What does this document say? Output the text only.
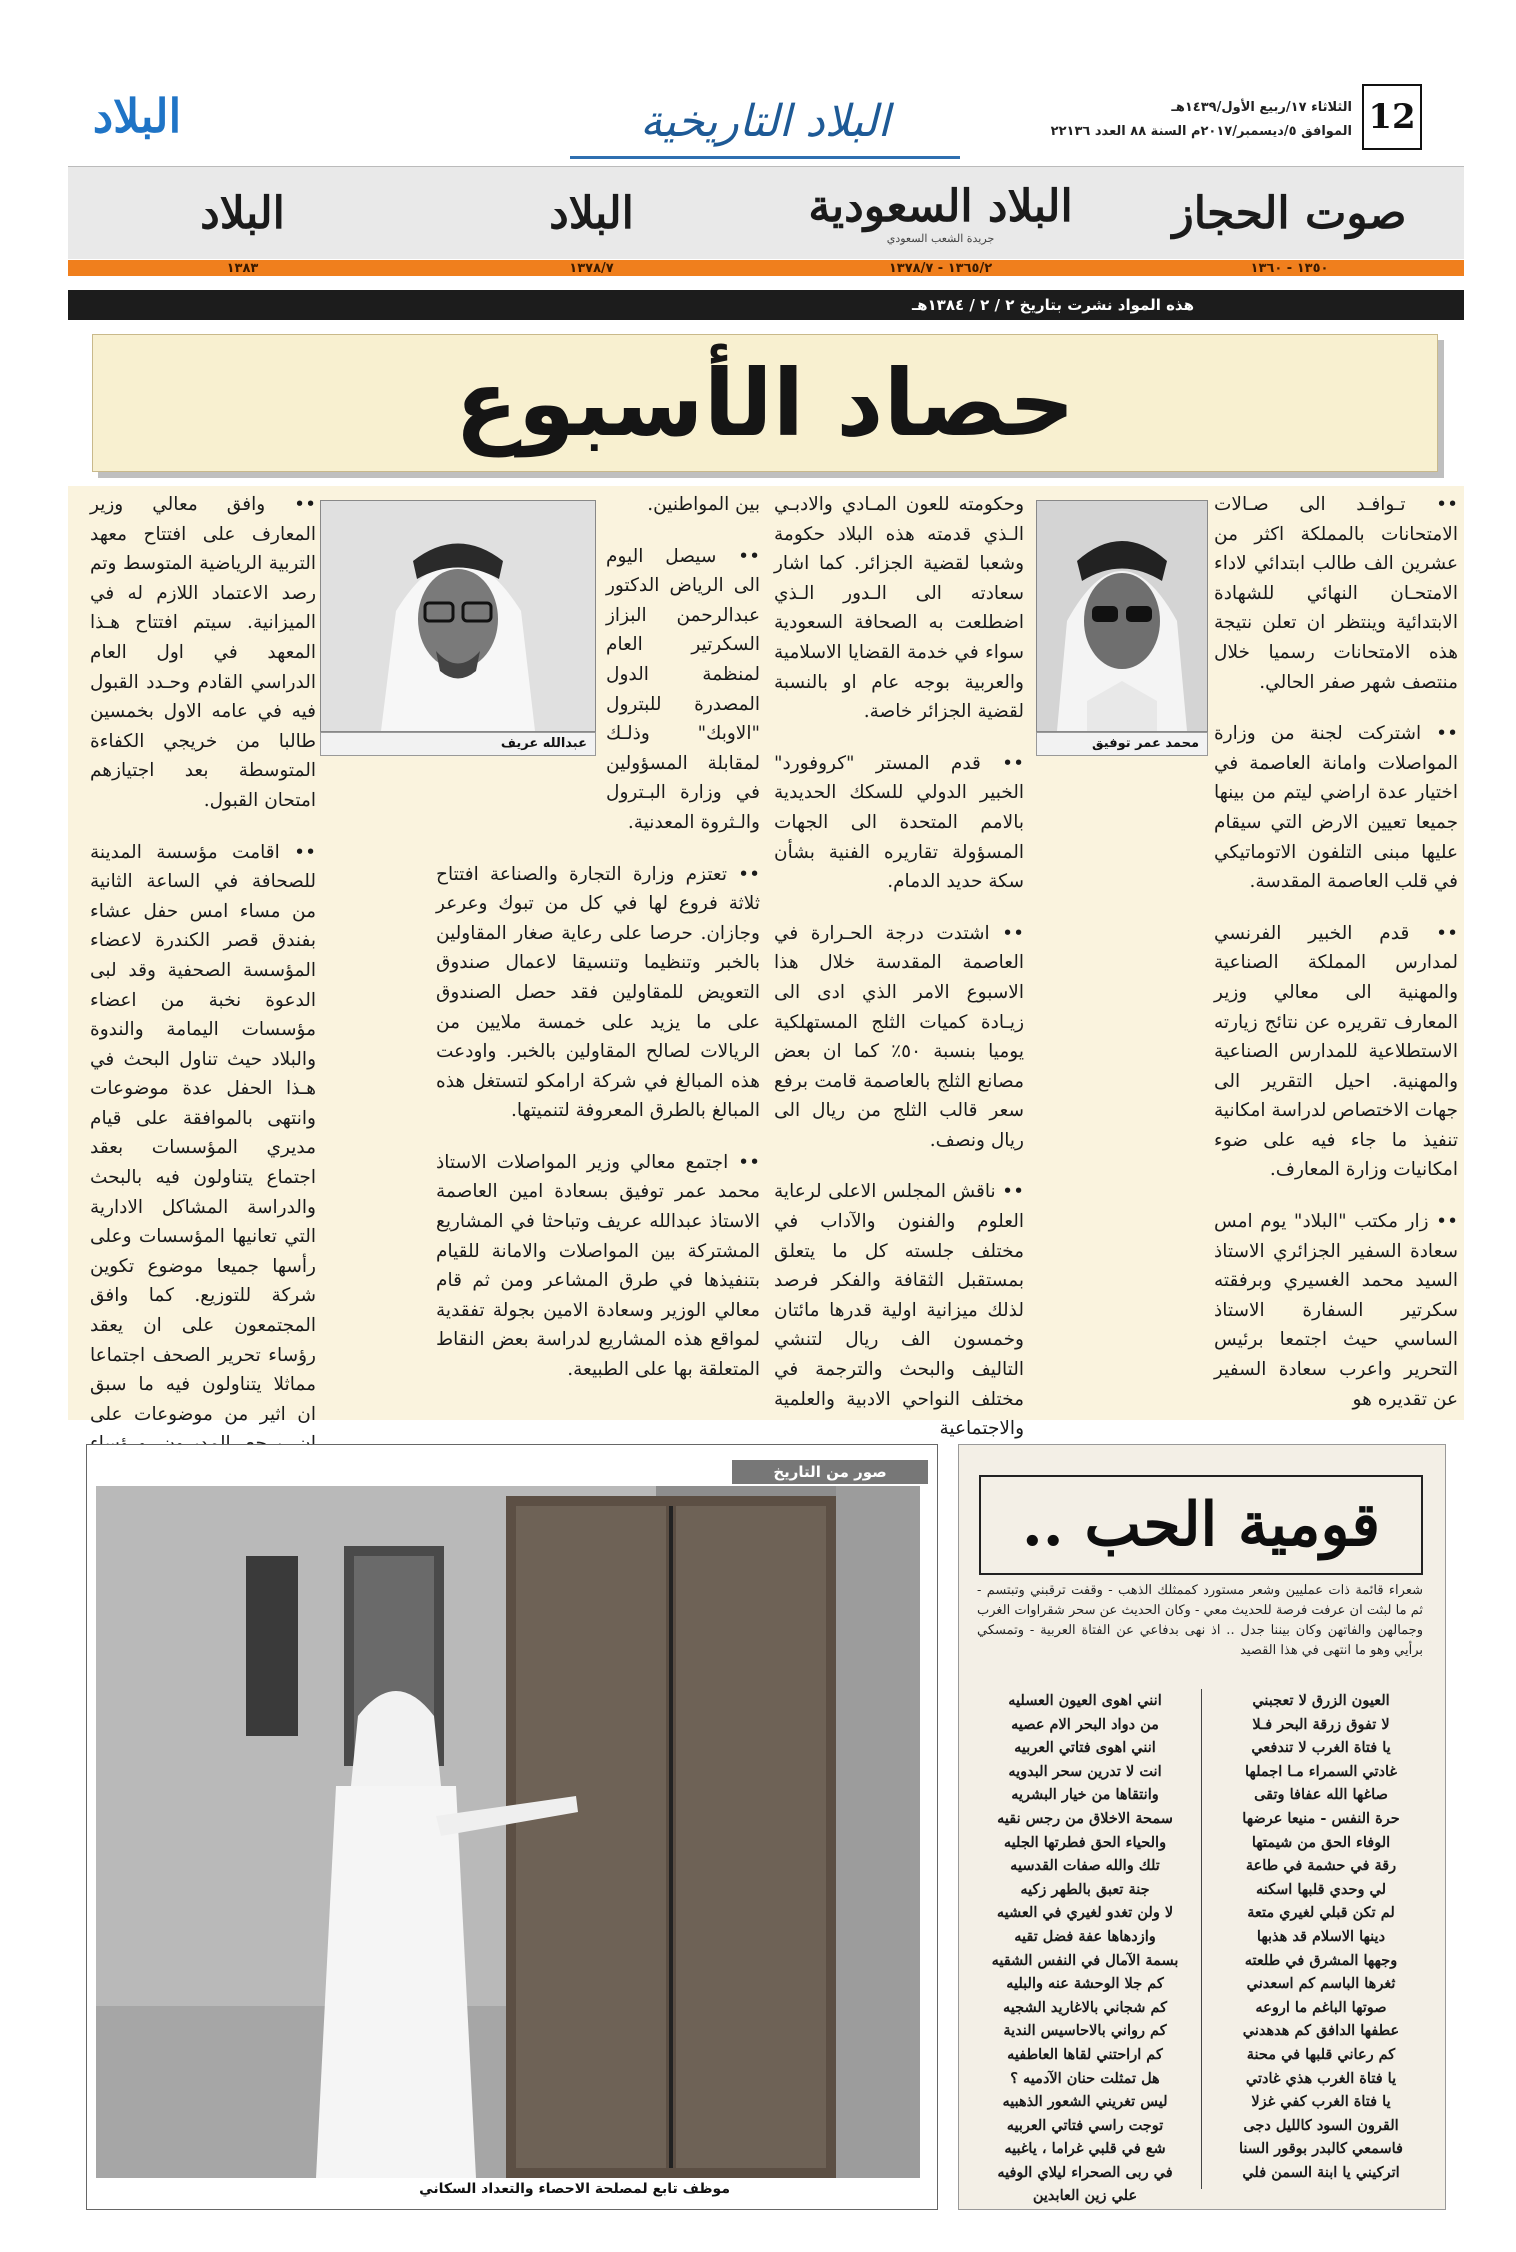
12
الثلاثاء ١٧/ربيع الأول/١٤٣٩هـ
الموافق ٥/ديسمبر/٢٠١٧م السنة ٨٨ العدد ٢٢١٣٦
البلاد التاريخية
البلاد
صوت الحجاز
البلاد السعودية
جريدة الشعب السعودي
البلاد
البلاد
١٣٥٠ - ١٣٦٠
١٣٦٥/٢ - ١٣٧٨/٧
١٣٧٨/٧
١٣٨٣
هذه المواد نشرت بتاريخ ٢ / ٢ / ١٣٨٤هـ
حصاد الأسبوع

•• تـوافـد الى صـالات الامتحانات بالمملكة اكثر من عشرين الف طالب ابتدائي لاداء الامتحـان النهائي للشهادة الابتدائية وينتظر ان تعلن نتيجة هذه الامتحانات رسميا خلال منتصف شهر صفر الحالي.

•• اشتركت لجنة من وزارة المواصلات وامانة العاصمة في اختيار عدة اراضي ليتم من بينها جميعا تعيين الارض التي سيقام عليها مبنى التلفون الاتوماتيكي في قلب العاصمة المقدسة.

•• قدم الخبير الفرنسي لمدارس المملكة الصناعية والمهنية الى معالي وزير المعارف تقريره عن نتائج زيارته الاستطلاعية للمدارس الصناعية والمهنية. احيل التقرير الى جهات الاختصاص لدراسة امكانية تنفيذ ما جاء فيه على ضوء امكانيات وزارة المعارف.

•• زار مكتب "البلاد" يوم امس سعادة السفير الجزائري الاستاذ السيد محمد الغسيري وبرفقته سكرتير السفارة الاستاذ الساسي حيث اجتمعا برئيس التحرير واعرب سعادة السفير عن تقديره هو

محمد عمر توفيق

وحكومته للعون المـادي والادبـي الـذي قدمته هذه البلاد حكومة وشعبا لقضية الجزائر. كما اشار سعادته الى الـدور الـذي اضطلعت به الصحافة السعودية سواء في خدمة القضايا الاسلامية والعربية بوجه عام او بالنسبة لقضية الجزائر خاصة.

•• قدم المستر "كروفورد" الخبير الدولي للسكك الحديدية بالامم المتحدة الى الجهات المسؤولة تقاريره الفنية بشأن سكة حديد الدمام.

•• اشتدت درجة الحـرارة في العاصمة المقدسة خلال هذا الاسبوع الامر الذي ادى الى زيـادة كميات الثلج المستهلكية يوميا بنسبة ٥٠٪ كما ان بعض مصانع الثلج بالعاصمة قامت برفع سعر قالب الثلج من ريال الى ريال ونصف.

•• ناقش المجلس الاعلى لرعاية العلوم والفنون والآداب في مختلف جلسته كل ما يتعلق بمستقبل الثقافة والفكر فرصد لذلك ميزانية اولية قدرها مائتان وخمسون الف ريال لتنشي التاليف والبحث والترجمة في مختلف النواحي الادبية والعلمية والاجتماعية

بين المواطنين.

•• سيصل اليوم الى الرياض الدكتور عبدالرحمن البزاز السكرتير العام لمنظمة الدول المصدرة للبترول "الاوبك" وذلـك لمقابلة المسؤولين في وزارة البـترول والـثروة المعدنية.

•• تعتزم وزارة التجارة والصناعة افتتاح ثلاثة فروع لها في كل من تبوك وعرعر وجازان. حرصا على رعاية صغار المقاولين بالخبر وتنظيما وتنسيقا لاعمال صندوق التعويض للمقاولين فقد حصل الصندوق على ما يزيد على خمسة ملايين من الريالات لصالح المقاولين بالخبر. واودعت هذه المبالغ في شركة ارامكو لتستغل هذه المبالغ بالطرق المعروفة لتنميتها.

•• اجتمع معالي وزير المواصلات الاستاذ محمد عمر توفيق بسعادة امين العاصمة الاستاذ عبدالله عريف وتباحثا في المشاريع المشتركة بين المواصلات والامانة للقيام بتنفيذها في طرق المشاعر ومن ثم قام معالي الوزير وسعادة الامين بجولة تفقدية لمواقع هذه المشاريع لدراسة بعض النقاط المتعلقة بها على الطبيعة.

عبدالله عريف

•• وافق معالي وزير المعارف على افتتاح معهد التربية الرياضية المتوسط وتم رصد الاعتماد اللازم له في الميزانية. سيتم افتتاح هـذا المعهد في اول العام الدراسي القادم وحـدد القبول فيه في عامه الاول بخمسين طالبا من خريجي الكفاءة المتوسطة بعد اجتيازهم امتحان القبول.

•• اقامت مؤسسة المدينة للصحافة في الساعة الثانية من مساء امس حفل عشاء بفندق قصر الكندرة لاعضاء المؤسسة الصحفية وقد لبى الدعوة نخبة من اعضاء مؤسسات اليمامة والندوة والبلاد حيث تناول البحث في هـذا الحفل عدة موضوعات وانتهى بالموافقة على قيام مديري المؤسسات بعقد اجتماع يتناولون فيه بالبحث والدراسة المشاكل الادارية التي تعانيها المؤسسات وعلى رأسها جميعا موضوع تكوين شركة للتوزيع. كما وافق المجتمعون على ان يعقد رؤساء تحرير الصحف اجتماعا مماثلا يتناولون فيه ما سبق ان اثير من موضوعات على

صور من التاريخ
موظف تابع لمصلحة الاحصاء والتعداد السكاني
قومية الحب ..
شعراء قائمة ذات عمليين وشعر مستورد كممثلك الذهب - وقفت ترقبني وتبتسم - ثم ما لبثت ان عرفت فرصة للحديث معي - وكان الحديث عن سحر شقراوات الغرب وجمالهن والفاتهن وكان بيننا جدل .. اذ نهى بدفاعي عن الفتاة العربية - وتمسكي برأيي وهو ما انتهى في هذا القصيد
العيون الزرق لا تعجبني
لا تفوق زرقة البحر فـلا
يا فتاة الغرب لا تندفعي
غادتي السمراء مـا اجملها
صاغها الله عفافا وتقى
حرة النفس - منيعا عرضها
الوفاء الحق من شيمتها
رقة في حشمة في طاعة
لي وحدي قلبها اسكنه
لم تكن قبلي لغيري متعة
دينها الاسلام قد هذبها
وجهها المشرق في طلعته
ثغرها الباسم كم اسعدني
صوتها الباغم ما اروعه
عطفها الدافق كم هدهدني
كم رعاني قلبها في محنة
يا فتاة الغرب هذي غادتي
يا فتاة الغرب كفي غزلا
القرون السود كالليل دجى
فاسمعي كالبدر بوقور السنا
اتركيني يا ابنة السمن فلي
انني اهوى العيون العسليه
من دواد البحر الام عصيه
انني اهوى فتاتي العربيه
انت لا تدرين سحر البدويه
وانتقاها من خيار البشريه
سمحة الاخلاق من رجس نقيه
والحياء الحق فطرتها الجليه
تلك والله صفات القدسيه
جنة تعبق بالطهر زكيه
لا ولن تغدو لغيري في العشيه
وازدهاها عفة فضل تقيه
بسمة الآمال في النفس الشقيه
كم جلا الوحشة عنه والبليه
كم شجاني بالاغاريد الشجيه
كم رواني بالاحاسيس الندية
كم اراحتني لقاها العاطفيه
هل تمثلت حنان الآدميه ؟
ليس تغريني الشعور الذهبيه
توجت راسي فتاتي العربيه
شع في قلبي غراما ، ياغبيه
في ربى الصحراء ليلاي الوفيه
علي زين العابدين
